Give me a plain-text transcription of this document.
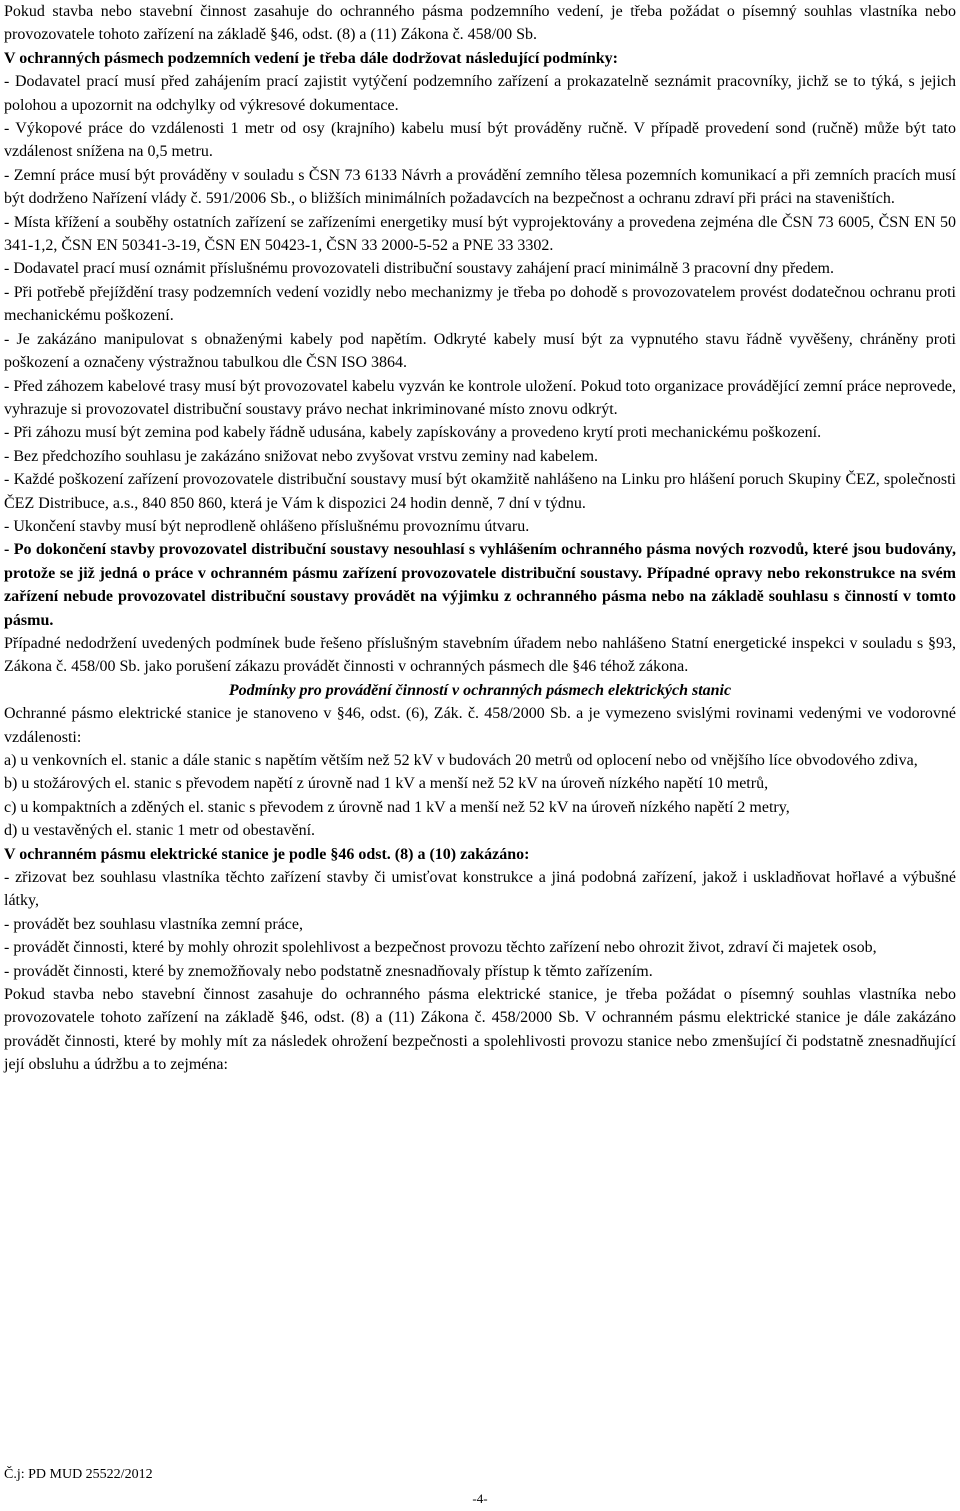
Pokud stavba nebo stavební činnost zasahuje do ochranného pásma podzemního vedení, je třeba požádat o písemný souhlas vlastníka nebo provozovatele tohoto zařízení na základě §46, odst. (8) a (11) Zákona č. 458/00 Sb.

V ochranných pásmech podzemních vedení je třeba dále dodržovat následující podmínky:

- Dodavatel prací musí před zahájením prací zajistit vytýčení podzemního zařízení a prokazatelně seznámit pracovníky, jichž se to týká, s jejich polohou a upozornit na odchylky od výkresové dokumentace.

- Výkopové práce do vzdálenosti 1 metr od osy (krajního) kabelu musí být prováděny ručně. V případě provedení sond (ručně) může být tato vzdálenost snížena na 0,5 metru.

- Zemní práce musí být prováděny v souladu s ČSN 73 6133 Návrh a provádění zemního tělesa pozemních komunikací a při zemních pracích musí být dodrženo Nařízení vlády č. 591/2006 Sb., o bližších minimálních požadavcích na bezpečnost a ochranu zdraví při práci na staveništích.

- Místa křížení a souběhy ostatních zařízení se zařízeními energetiky musí být vyprojektovány a provedena zejména dle ČSN 73 6005, ČSN EN 50 341-1,2, ČSN EN 50341-3-19, ČSN EN 50423-1, ČSN 33 2000-5-52 a PNE 33 3302.

- Dodavatel prací musí oznámit příslušnému provozovateli distribuční soustavy zahájení prací minimálně 3 pracovní dny předem.

- Při potřebě přejíždění trasy podzemních vedení vozidly nebo mechanizmy je třeba po dohodě s provozovatelem provést dodatečnou ochranu proti mechanickému poškození.

- Je zakázáno manipulovat s obnaženými kabely pod napětím. Odkryté kabely musí být za vypnutého stavu řádně vyvěšeny, chráněny proti poškození a označeny výstražnou tabulkou dle ČSN ISO 3864.

- Před záhozem kabelové trasy musí být provozovatel kabelu vyzván ke kontrole uložení. Pokud toto organizace provádějící zemní práce neprovede, vyhrazuje si provozovatel distribuční soustavy právo nechat inkriminované místo znovu odkrýt.

- Při záhozu musí být zemina pod kabely řádně udusána, kabely zapískovány a provedeno krytí proti mechanickému poškození.

- Bez předchozího souhlasu je zakázáno snižovat nebo zvyšovat vrstvu zeminy nad kabelem.

- Každé poškození zařízení provozovatele distribuční soustavy musí být okamžitě nahlášeno na Linku pro hlášení poruch Skupiny ČEZ, společnosti ČEZ Distribuce, a.s., 840 850 860, která je Vám k dispozici 24 hodin denně, 7 dní v týdnu.

- Ukončení stavby musí být neprodleně ohlášeno příslušnému provoznímu útvaru.

- Po dokončení stavby provozovatel distribuční soustavy nesouhlasí s vyhlášením ochranného pásma nových rozvodů, které jsou budovány, protože se již jedná o práce v ochranném pásmu zařízení provozovatele distribuční soustavy. Případné opravy nebo rekonstrukce na svém zařízení nebude provozovatel distribuční soustavy provádět na výjimku z ochranného pásma nebo na základě souhlasu s činností v tomto pásmu.

Případné nedodržení uvedených podmínek bude řešeno příslušným stavebním úřadem nebo nahlášeno Statní energetické inspekci v souladu s §93, Zákona č. 458/00 Sb. jako porušení zákazu provádět činnosti v ochranných pásmech dle §46 téhož zákona.

Podmínky pro provádění činností v ochranných pásmech elektrických stanic

Ochranné pásmo elektrické stanice je stanoveno v §46, odst. (6), Zák. č. 458/2000 Sb. a je vymezeno svislými rovinami vedenými ve vodorovné vzdálenosti:

a) u venkovních el. stanic a dále stanic s napětím větším než 52 kV v budovách 20 metrů od oplocení nebo od vnějšího líce obvodového zdiva,

b) u stožárových el. stanic s převodem napětí z úrovně nad 1 kV a menší než 52 kV na úroveň nízkého napětí 10 metrů,

c) u kompaktních a zděných el. stanic s převodem z úrovně nad 1 kV a menší než 52 kV na úroveň nízkého napětí 2 metry,

d) u vestavěných el. stanic 1 metr od obestavění.

V ochranném pásmu elektrické stanice je podle §46 odst. (8) a (10) zakázáno:

- zřizovat bez souhlasu vlastníka těchto zařízení stavby či umisťovat konstrukce a jiná podobná zařízení, jakož i uskladňovat hořlavé a výbušné látky,

- provádět bez souhlasu vlastníka zemní práce,

- provádět činnosti, které by mohly ohrozit spolehlivost a bezpečnost provozu těchto zařízení nebo ohrozit život, zdraví či majetek osob,

- provádět činnosti, které by znemožňovaly nebo podstatně znesnadňovaly přístup k těmto zařízením.

Pokud stavba nebo stavební činnost zasahuje do ochranného pásma elektrické stanice, je třeba požádat o písemný souhlas vlastníka nebo provozovatele tohoto zařízení na základě §46, odst. (8) a (11) Zákona č. 458/2000 Sb. V ochranném pásmu elektrické stanice je dále zakázáno provádět činnosti, které by mohly mít za následek ohrožení bezpečnosti a spolehlivosti provozu stanice nebo zmenšující či podstatně znesnadňující její obsluhu a údržbu a to zejména:

Č.j: PD MUD 25522/2012
-4-
